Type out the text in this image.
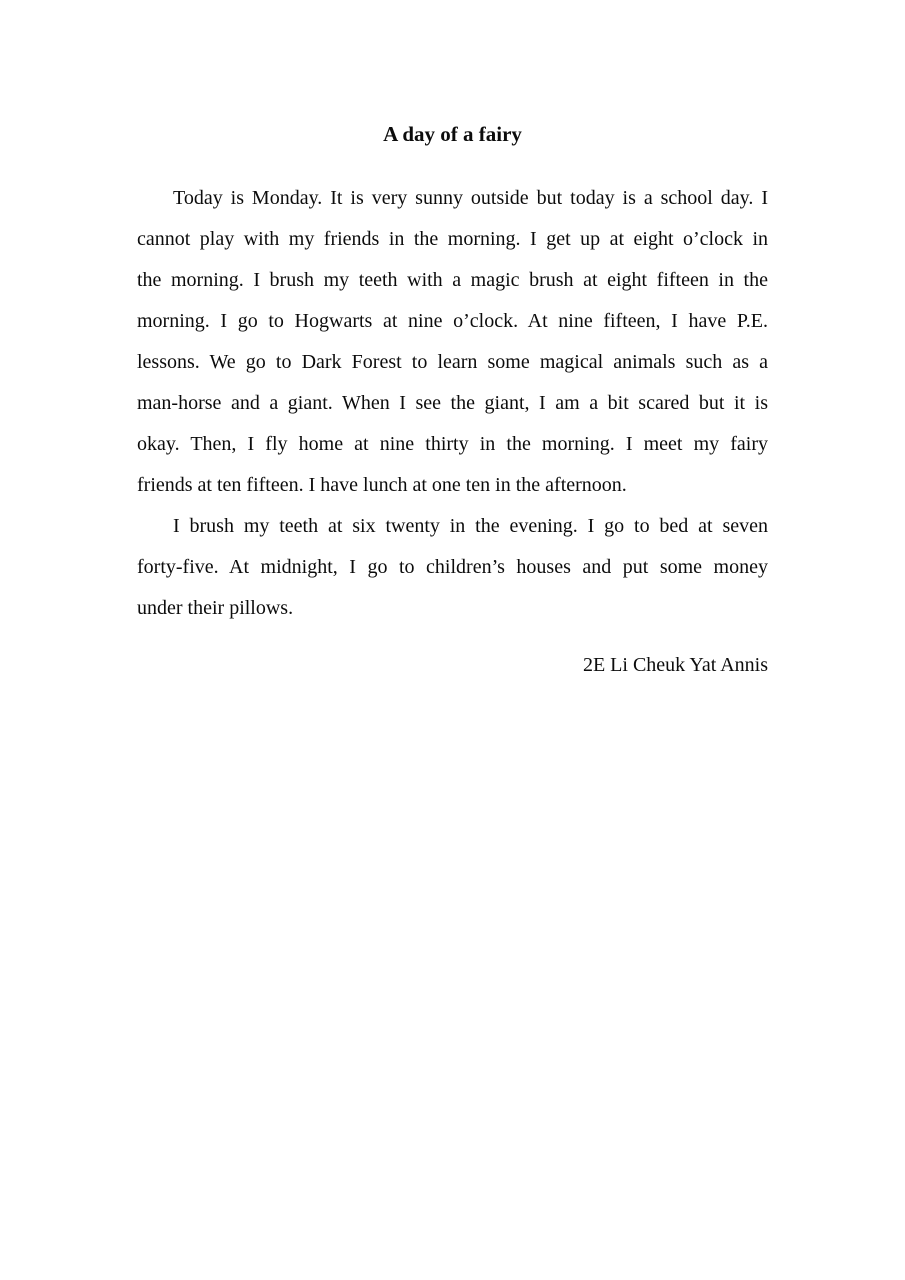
A day of a fairy

Today is Monday. It is very sunny outside but today is a school day. I

cannot play with my friends in the morning. I get up at eight o’clock in

the morning. I brush my teeth with a magic brush at eight fifteen in the

morning. I go to Hogwarts at nine o’clock. At nine fifteen, I have P.E.

lessons. We go to Dark Forest to learn some magical animals such as a

man-horse and a giant. When I see the giant, I am a bit scared but it is

okay. Then, I fly home at nine thirty in the morning. I meet my fairy

friends at ten fifteen. I have lunch at one ten in the afternoon.

I brush my teeth at six twenty in the evening. I go to bed at seven

forty-five. At midnight, I go to children’s houses and put some money

under their pillows.

2E Li Cheuk Yat Annis
